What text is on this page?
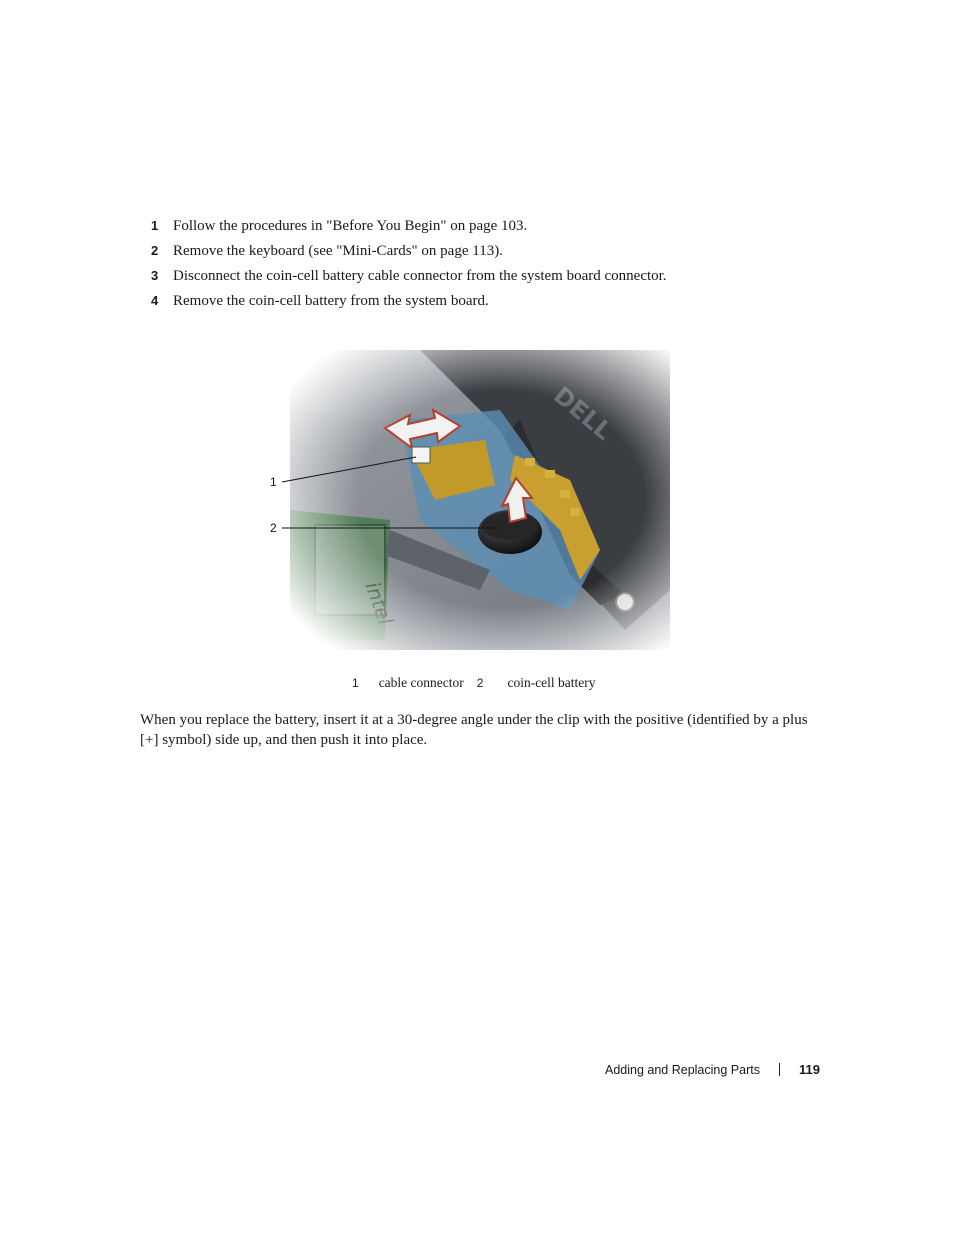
1 Follow the procedures in "Before You Begin" on page 103.
2 Remove the keyboard (see "Mini-Cards" on page 113).
3 Disconnect the coin-cell battery cable connector from the system board connector.
4 Remove the coin-cell battery from the system board.
1
2
1 cable connector 2 coin-cell battery
When you replace the battery, insert it at a 30-degree angle under the clip with the positive (identified by a plus [+] symbol) side up, and then push it into place.
Adding and Replacing Parts	119
